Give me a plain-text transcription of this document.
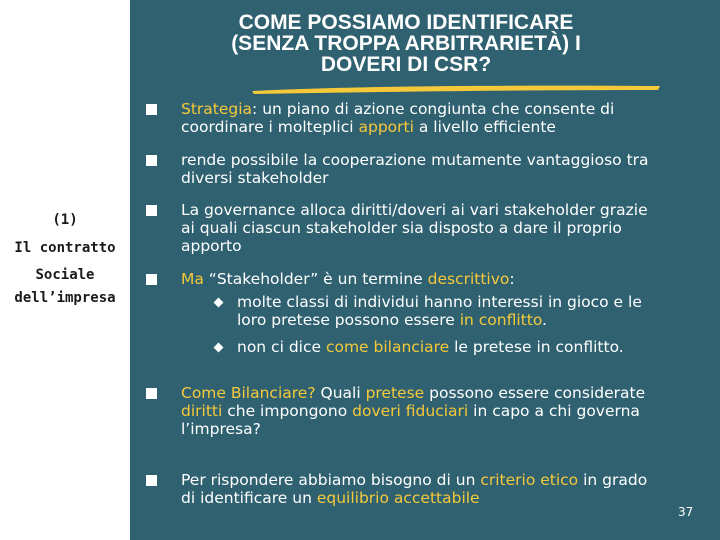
(1)
Il contratto
Sociale
dell’impresa
COME POSSIAMO IDENTIFICARE
(SENZA TROPPA ARBITRARIETÀ) I
DOVERI DI CSR?
Strategia: un piano di azione congiunta che consente di
coordinare i molteplici apporti a livello efficiente
rende possibile la cooperazione mutamente vantaggioso tra
diversi stakeholder
La governance alloca diritti/doveri ai vari stakeholder grazie
ai quali ciascun stakeholder sia disposto a dare il proprio
apporto
Ma “Stakeholder” è un termine descrittivo:
molte classi di individui hanno interessi in gioco e le
loro pretese possono essere in conflitto.
non ci dice come bilanciare le pretese in conflitto.
Come Bilanciare? Quali pretese possono essere considerate
diritti che impongono doveri fiduciari in capo a chi governa
l’impresa?
Per rispondere abbiamo bisogno di un criterio etico in grado
di identificare un equilibrio accettabile
37
